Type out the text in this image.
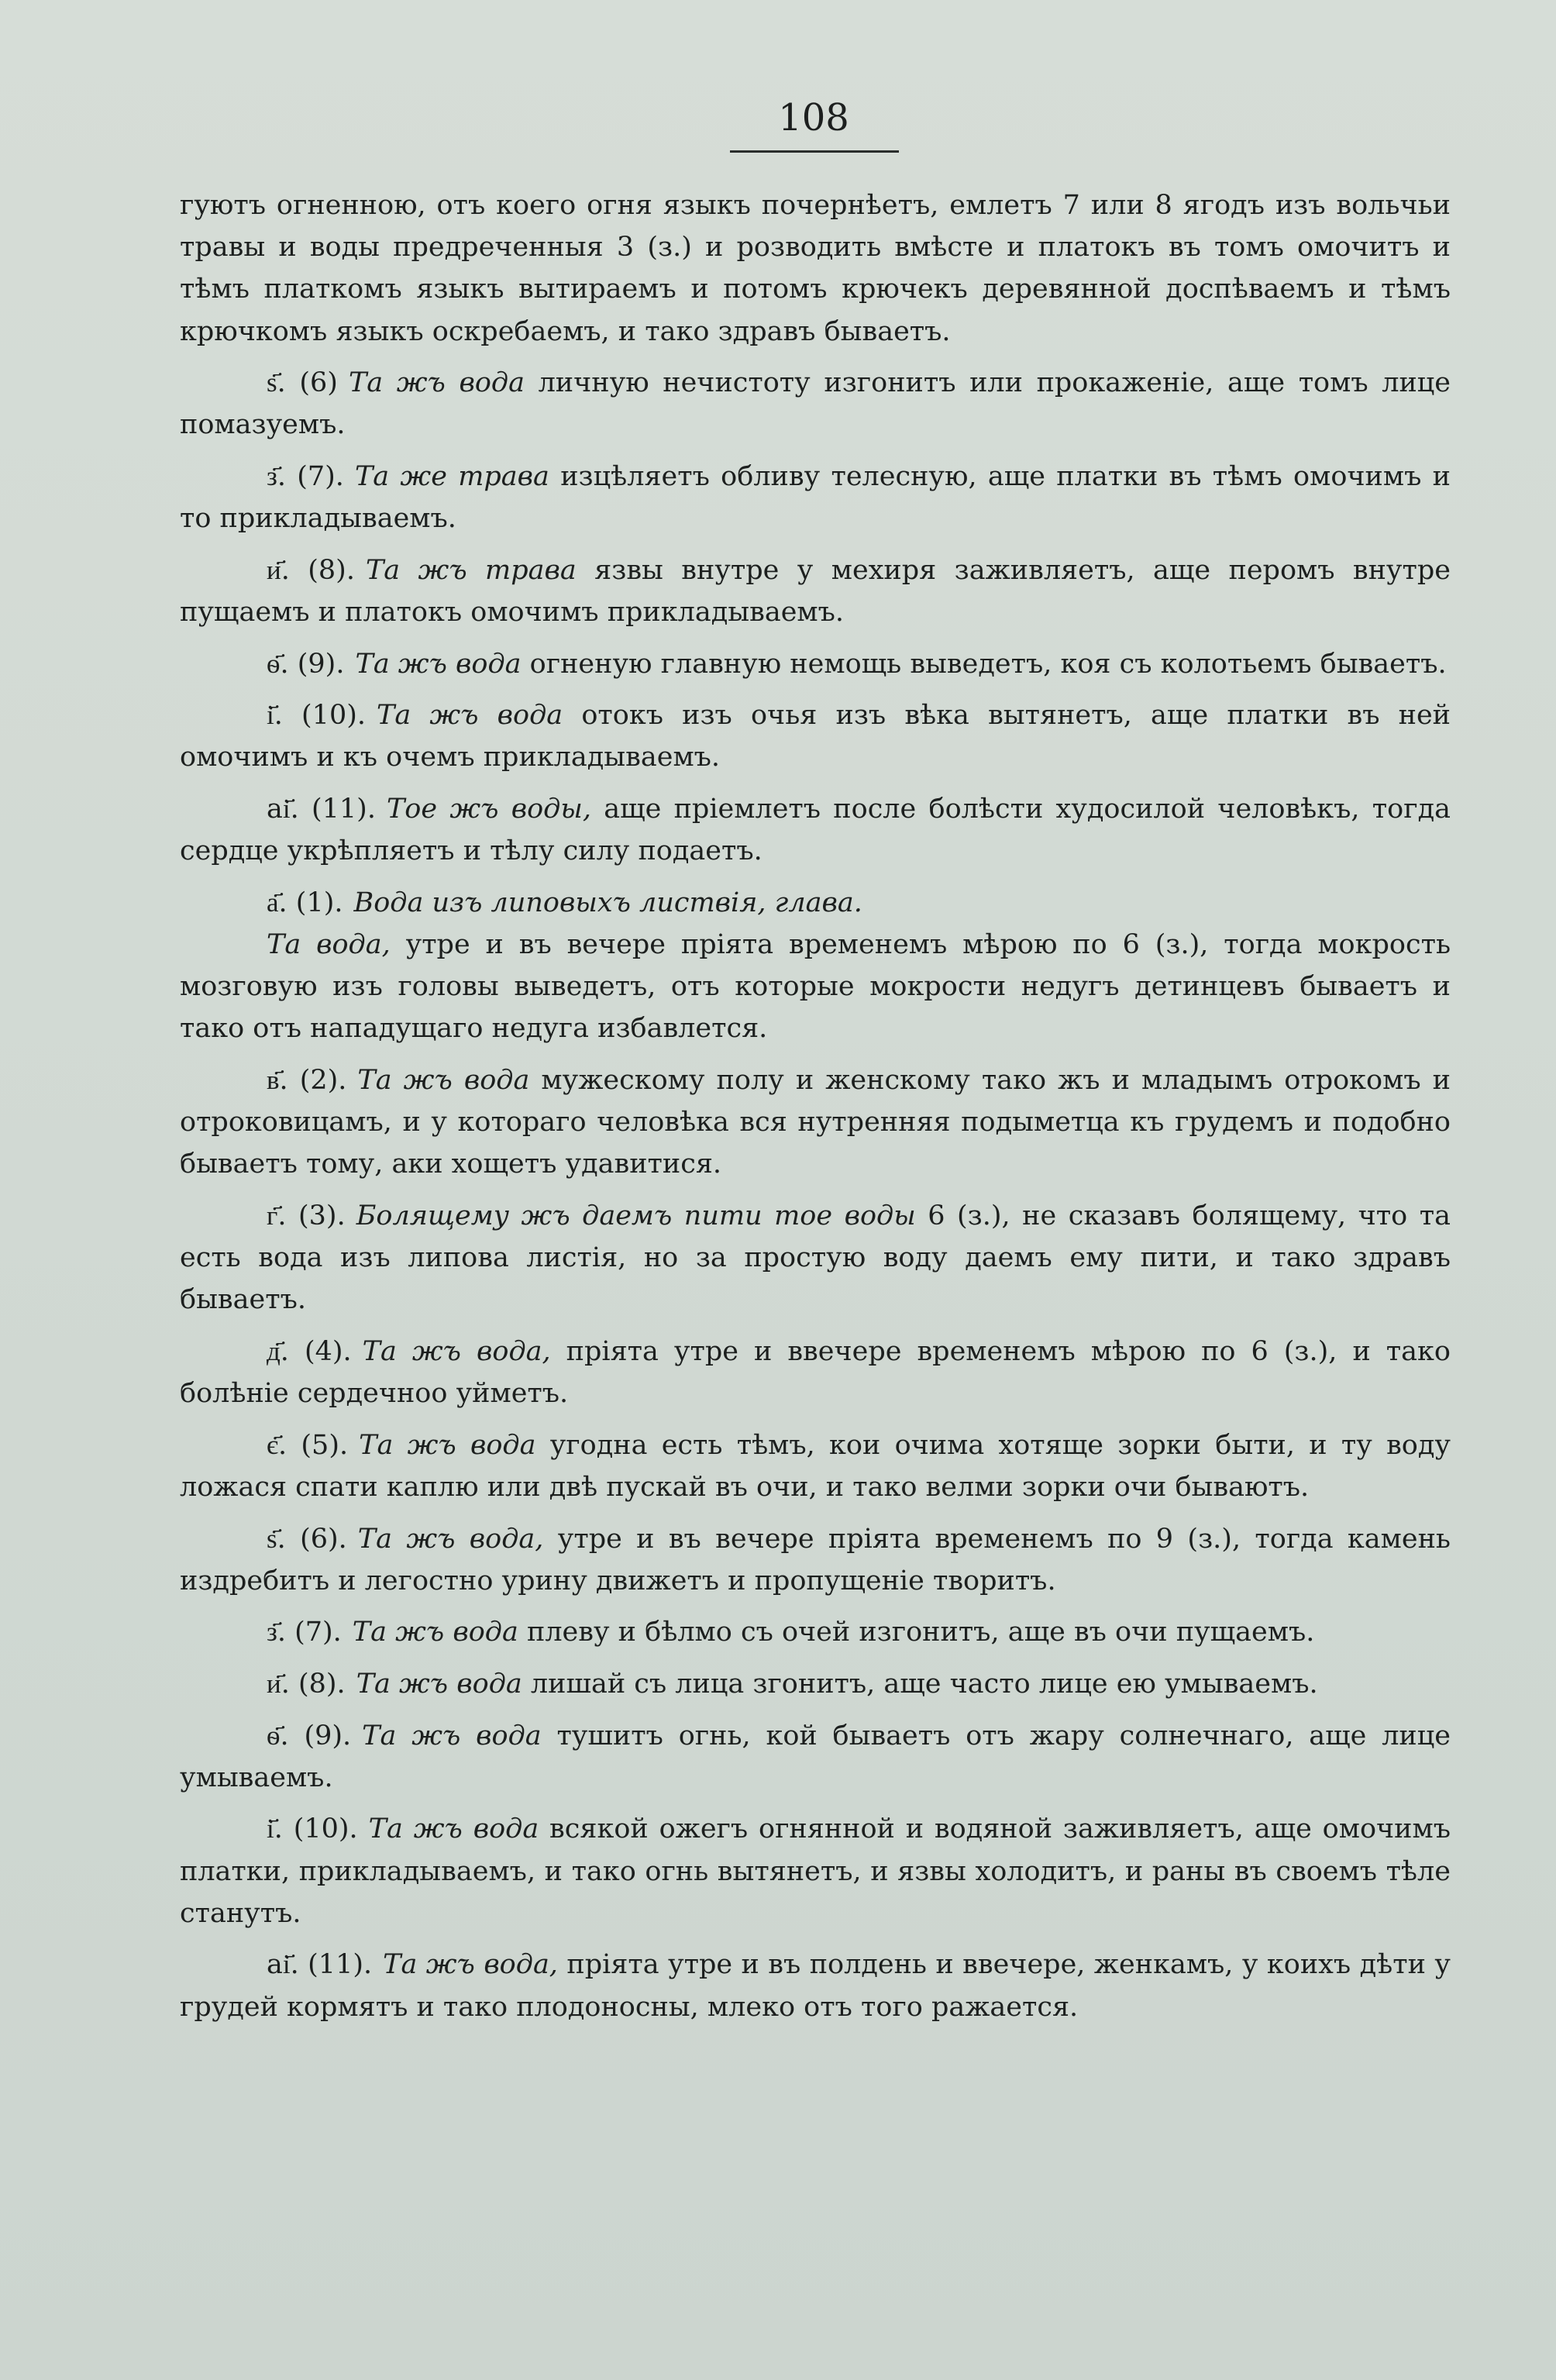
108

гуютъ огненною, отъ коего огня языкъ почернѣетъ, емлетъ 7 или 8 ягодъ изъ вольчьи травы и воды предреченныя 3 (з.) и розводить вмѣсте и платокъ въ томъ омочитъ и тѣмъ платкомъ языкъ вытираемъ и потомъ крючекъ деревянной доспѣваемъ и тѣмъ крючкомъ языкъ оскребаемъ, и тако здравъ бываетъ.

ѕ҃. (6) Та жъ вода личную нечистоту изгонитъ или прокаженіе, аще томъ лице помазуемъ.

з҃. (7). Та же трава изцѣляетъ обливу телесную, аще платки въ тѣмъ омочимъ и то прикладываемъ.

и҃. (8). Та жъ трава язвы внутре у мехиря заживляетъ, аще перомъ внутре пущаемъ и платокъ омочимъ прикладываемъ.

ѳ҃. (9). Та жъ вода огненую главную немощь выведетъ, коя съ колотьемъ бываетъ.

і҃. (10). Та жъ вода отокъ изъ очья изъ вѣка вытянетъ, аще платки въ ней омочимъ и къ очемъ прикладываемъ.

аі҃. (11). Тое жъ воды, аще пріемлетъ после болѣсти худосилой человѣкъ, тогда сердце укрѣпляетъ и тѣлу силу подаетъ.

а҃. (1). Вода изъ липовыхъ листвія, глава.

Та вода, утре и въ вечере пріята временемъ мѣрою по 6 (з.), тогда мокрость мозговую изъ головы выведетъ, отъ которые мокрости недугъ детинцевъ бываетъ и тако отъ нападущаго недуга избавлется.

в҃. (2). Та жъ вода мужескому полу и женскому тако жъ и младымъ отрокомъ и отроковицамъ, и у котораго человѣка вся нутренняя подыметца къ грудемъ и подобно бываетъ тому, аки хощетъ удавитися.

г҃. (3). Болящему жъ даемъ пити тое воды 6 (з.), не сказавъ болящему, что та есть вода изъ липова листія, но за простую воду даемъ ему пити, и тако здравъ бываетъ.

д҃. (4). Та жъ вода, пріята утре и ввечере временемъ мѣрою по 6 (з.), и тако болѣніе сердечноо уйметъ.

є҃. (5). Та жъ вода угодна есть тѣмъ, кои очима хотяще зорки быти, и ту воду ложася спати каплю или двѣ пускай въ очи, и тако велми зорки очи бываютъ.

ѕ҃. (6). Та жъ вода, утре и въ вечере пріята временемъ по 9 (з.), тогда камень издребитъ и легостно урину движетъ и пропущеніе творитъ.

з҃. (7). Та жъ вода плеву и бѣлмо съ очей изгонитъ, аще въ очи пущаемъ.

и҃. (8). Та жъ вода лишай съ лица згонитъ, аще часто лице ею умываемъ.

ѳ҃. (9). Та жъ вода тушитъ огнь, кой бываетъ отъ жару солнечнаго, аще лице умываемъ.

і҃. (10). Та жъ вода всякой ожегъ огнянной и водяной заживляетъ, аще омочимъ платки, прикладываемъ, и тако огнь вытянетъ, и язвы холодитъ, и раны въ своемъ тѣле станутъ.

аі҃. (11). Та жъ вода, пріята утре и въ полдень и ввечере, женкамъ, у коихъ дѣти у грудей кормятъ и тако плодоносны, млеко отъ того ражается.
